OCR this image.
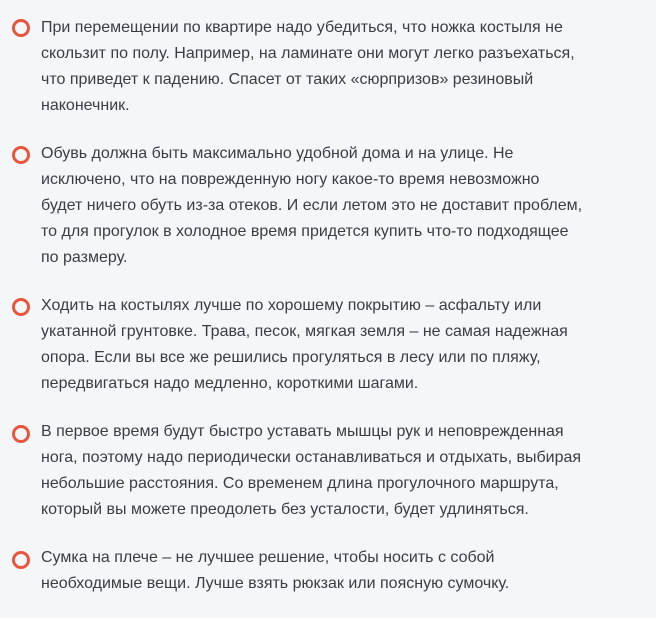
При перемещении по квартире надо убедиться, что ножка костыля не
скользит по полу. Например, на ламинате они могут легко разъехаться,
что приведет к падению. Спасет от таких «сюрпризов» резиновый
наконечник.

Обувь должна быть максимально удобной дома и на улице. Не
исключено, что на поврежденную ногу какое-то время невозможно
будет ничего обуть из-за отеков. И если летом это не доставит проблем,
то для прогулок в холодное время придется купить что-то подходящее
по размеру.

Ходить на костылях лучше по хорошему покрытию – асфальту или
укатанной грунтовке. Трава, песок, мягкая земля – не самая надежная
опора. Если вы все же решились прогуляться в лесу или по пляжу,
передвигаться надо медленно, короткими шагами.

В первое время будут быстро уставать мышцы рук и неповрежденная
нога, поэтому надо периодически останавливаться и отдыхать, выбирая
небольшие расстояния. Со временем длина прогулочного маршрута,
который вы можете преодолеть без усталости, будет удлиняться.

Сумка на плече – не лучшее решение, чтобы носить с собой
необходимые вещи. Лучше взять рюкзак или поясную сумочку.
